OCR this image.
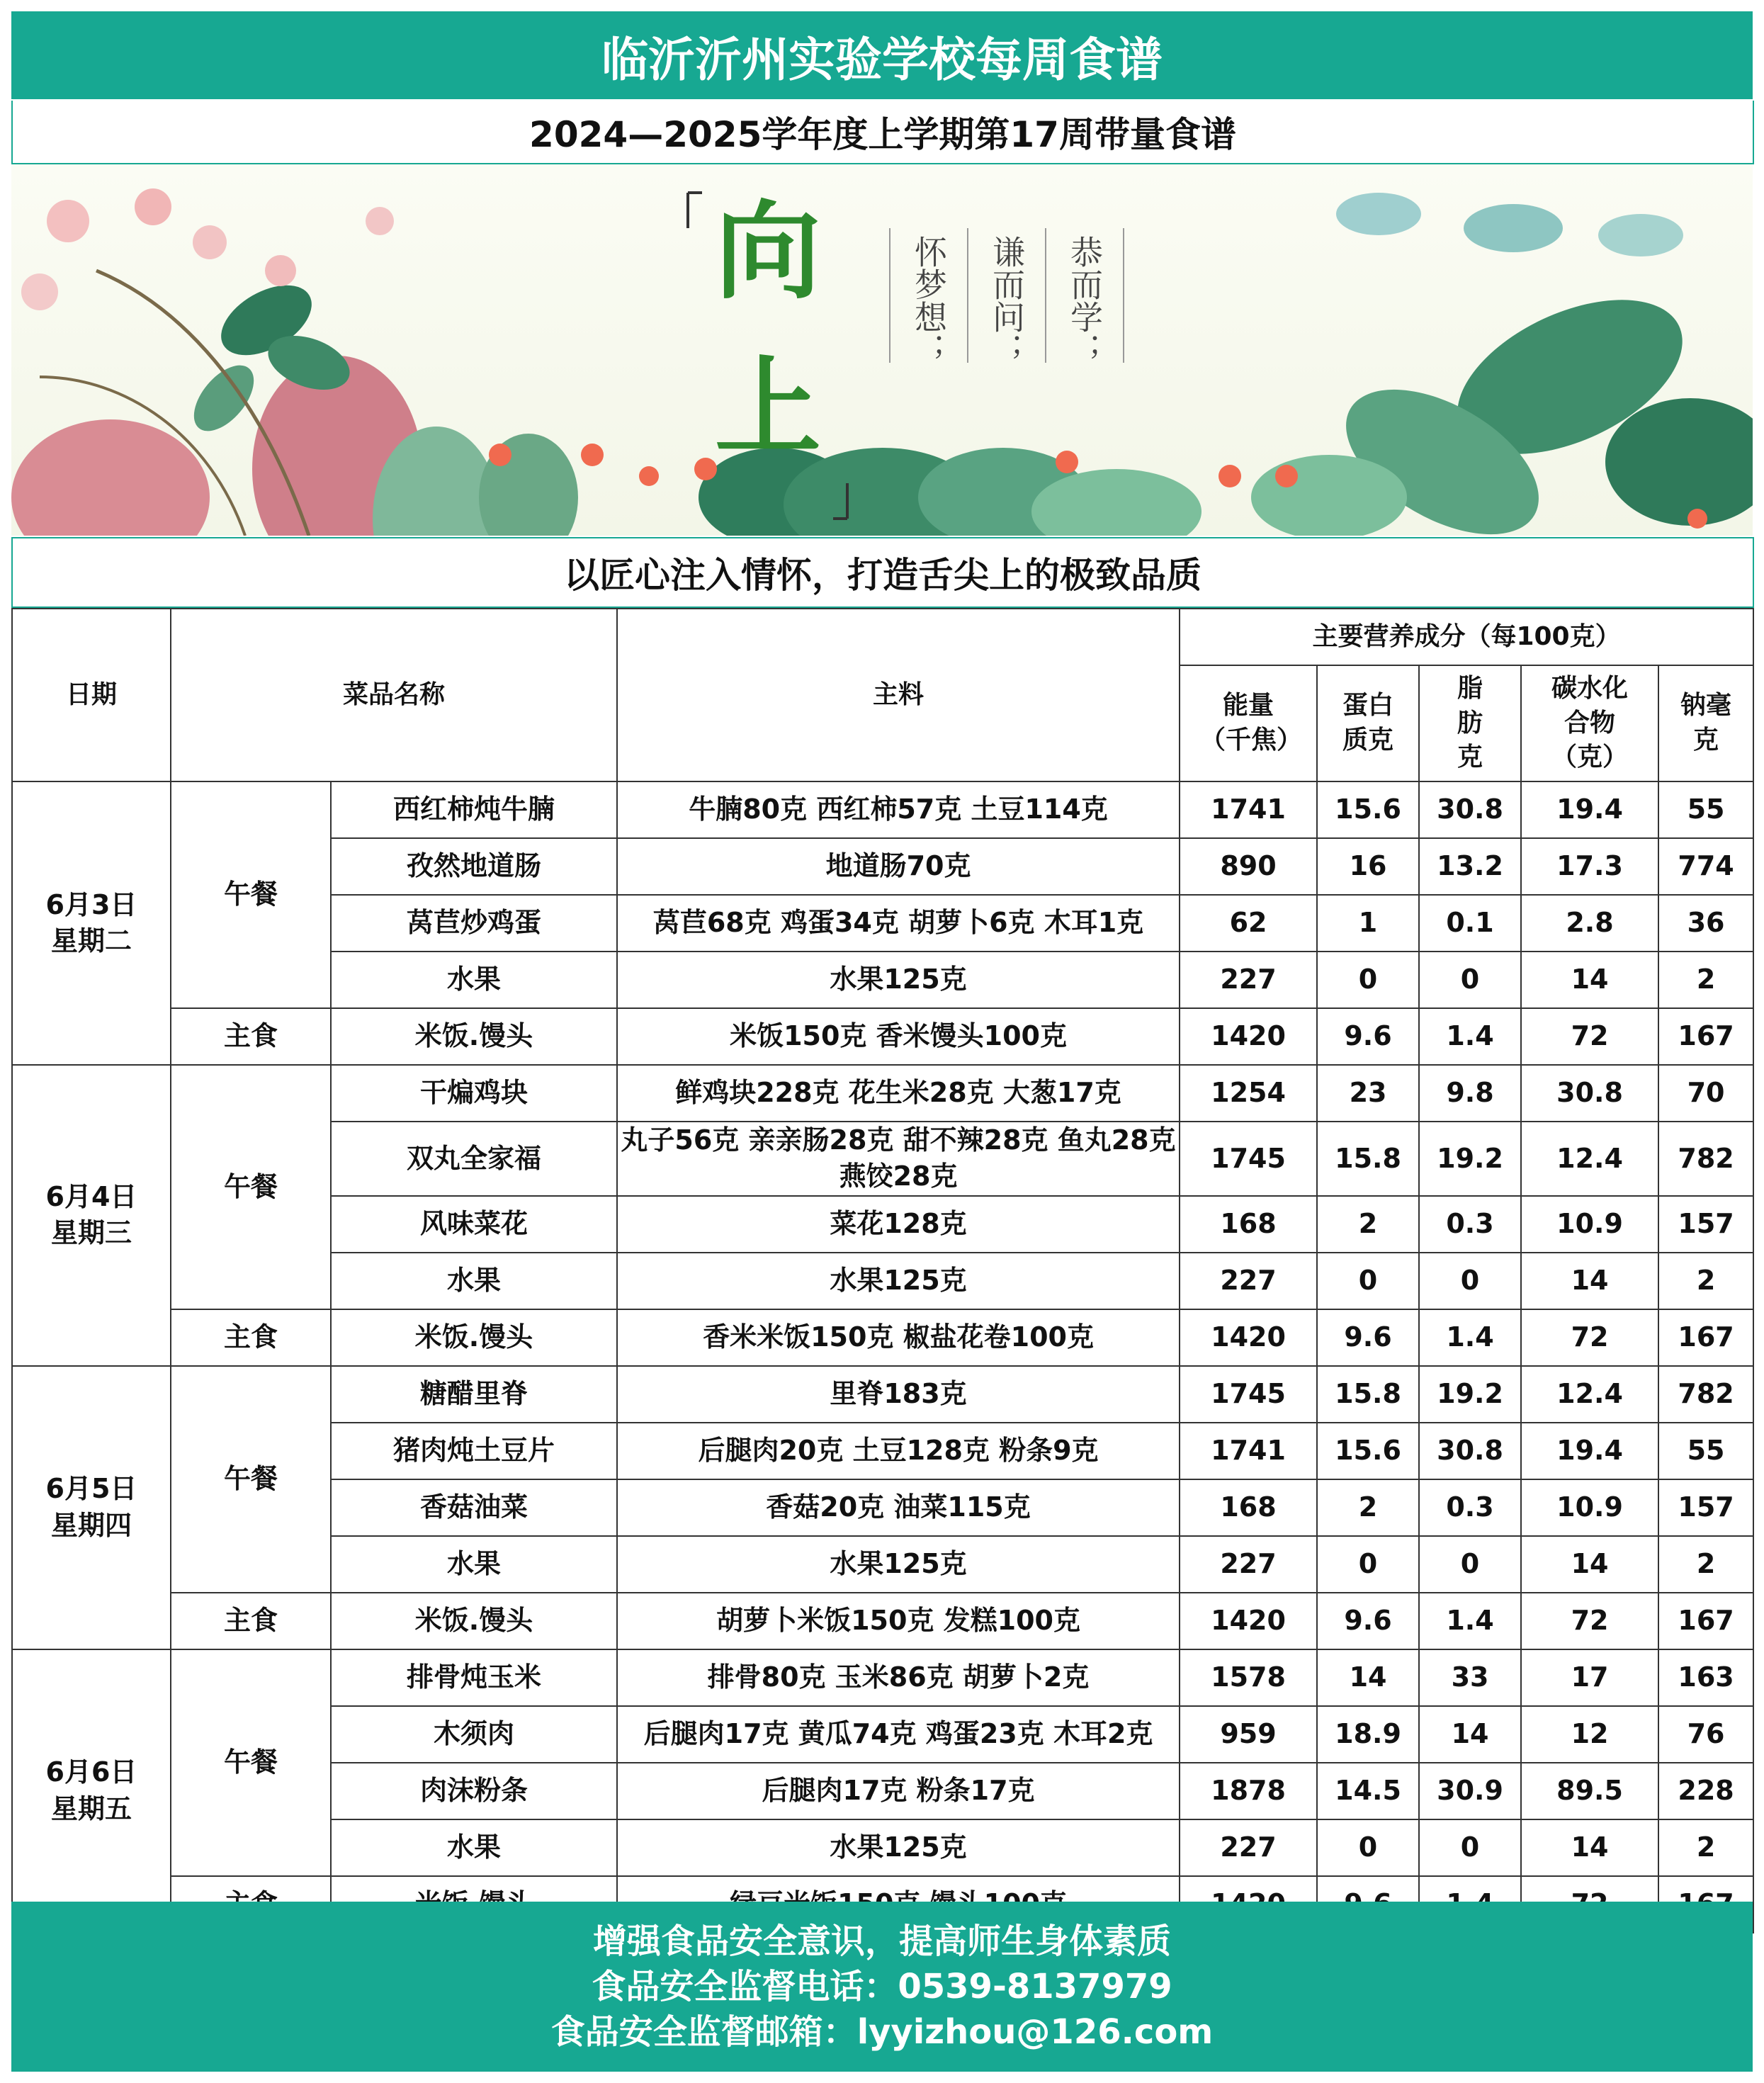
临沂沂州实验学校每周食谱
2024—2025学年度上学期第17周带量食谱
向
上
恭而学；
谦而问；
怀梦想；
以匠心注入情怀，打造舌尖上的极致品质
日期	菜品名称		主料	主要营养成分（每100克）				
				能量（千焦）	蛋白质克	脂肪克	碳水化合物（克）	钠毫克

6月3日
星期二	午餐	西红柿炖牛腩	牛腩80克 西红柿57克 土豆114克	1741	15.6	30.8	19.4	55
		孜然地道肠	地道肠70克	890	16	13.2	17.3	774
		莴苣炒鸡蛋	莴苣68克 鸡蛋34克 胡萝卜6克 木耳1克	62	1	0.1	2.8	36
		水果	水果125克	227	0	0	14	2
	主食	米饭.馒头	米饭150克 香米馒头100克	1420	9.6	1.4	72	167

6月4日
星期三	午餐	干煸鸡块	鲜鸡块228克 花生米28克 大葱17克	1254	23	9.8	30.8	70
		双丸全家福	丸子56克 亲亲肠28克 甜不辣28克 鱼丸28克 燕饺28克	1745	15.8	19.2	12.4	782
		风味菜花	菜花128克	168	2	0.3	10.9	157
		水果	水果125克	227	0	0	14	2
	主食	米饭.馒头	香米米饭150克 椒盐花卷100克	1420	9.6	1.4	72	167

6月5日
星期四	午餐	糖醋里脊	里脊183克	1745	15.8	19.2	12.4	782
		猪肉炖土豆片	后腿肉20克 土豆128克 粉条9克	1741	15.6	30.8	19.4	55
		香菇油菜	香菇20克 油菜115克	168	2	0.3	10.9	157
		水果	水果125克	227	0	0	14	2
	主食	米饭.馒头	胡萝卜米饭150克 发糕100克	1420	9.6	1.4	72	167

6月6日
星期五	午餐	排骨炖玉米	排骨80克 玉米86克 胡萝卜2克	1578	14	33	17	163
		木须肉	后腿肉17克 黄瓜74克 鸡蛋23克 木耳2克	959	18.9	14	12	76
		肉沫粉条	后腿肉17克 粉条17克	1878	14.5	30.9	89.5	228
		水果	水果125克	227	0	0	14	2

增强食品安全意识，提高师生身体素质
食品安全监督电话：0539-8137979
食品安全监督邮箱：lyyizhou@126.com
